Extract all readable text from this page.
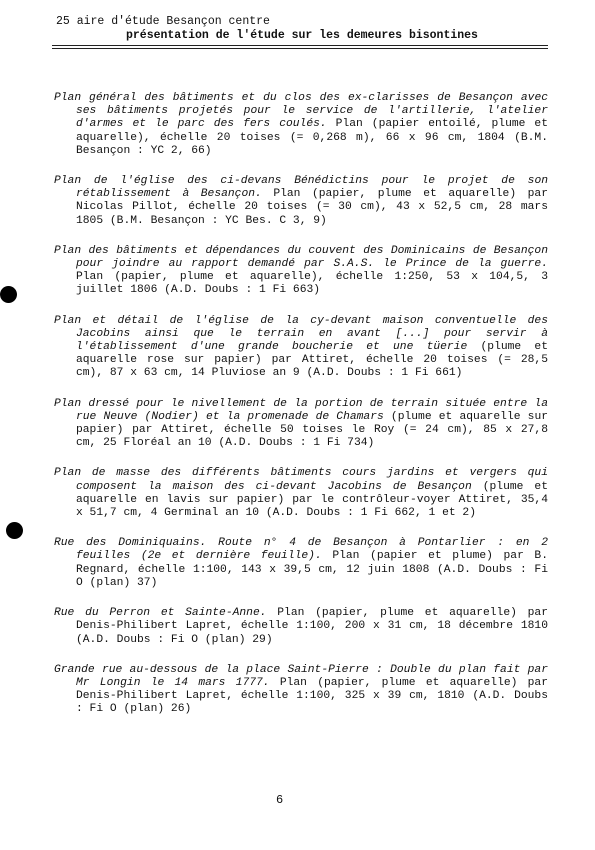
25 aire d'étude Besançon centre
présentation de l'étude sur les demeures bisontines

Plan général des bâtiments et du clos des ex-clarisses de Besançon avec ses bâtiments projetés pour le service de l'artillerie, l'atelier d'armes et le parc des fers coulés. Plan (papier entoilé, plume et aquarelle), échelle 20 toises (= 0,268 m), 66 x 96 cm, 1804 (B.M. Besançon : YC 2, 66)

Plan de l'église des ci-devans Bénédictins pour le projet de son rétablissement à Besançon. Plan (papier, plume et aquarelle) par Nicolas Pillot, échelle 20 toises (= 30 cm), 43 x 52,5 cm, 28 mars 1805 (B.M. Besançon : YC Bes. C 3, 9)

Plan des bâtiments et dépendances du couvent des Dominicains de Besançon pour joindre au rapport demandé par S.A.S. le Prince de la guerre. Plan (papier, plume et aquarelle), échelle 1:250, 53 x 104,5, 3 juillet 1806 (A.D. Doubs : 1 Fi 663)

Plan et détail de l'église de la cy-devant maison conventuelle des Jacobins ainsi que le terrain en avant [...] pour servir à l'établissement d'une grande boucherie et une tüerie (plume et aquarelle rose sur papier) par Attiret, échelle 20 toises (= 28,5 cm), 87 x 63 cm, 14 Pluviose an 9 (A.D. Doubs : 1 Fi 661)

Plan dressé pour le nivellement de la portion de terrain située entre la rue Neuve (Nodier) et la promenade de Chamars (plume et aquarelle sur papier) par Attiret, échelle 50 toises le Roy (= 24 cm), 85 x 27,8 cm, 25 Floréal an 10 (A.D. Doubs : 1 Fi 734)

Plan de masse des différents bâtiments cours jardins et vergers qui composent la maison des ci-devant Jacobins de Besançon (plume et aquarelle en lavis sur papier) par le contrôleur-voyer Attiret, 35,4 x 51,7 cm, 4 Germinal an 10 (A.D. Doubs : 1 Fi 662, 1 et 2)

Rue des Dominiquains. Route n° 4 de Besançon à Pontarlier : en 2 feuilles (2e et dernière feuille). Plan (papier et plume) par B. Regnard, échelle 1:100, 143 x 39,5 cm, 12 juin 1808 (A.D. Doubs : Fi O (plan) 37)

Rue du Perron et Sainte-Anne. Plan (papier, plume et aquarelle) par Denis-Philibert Lapret, échelle 1:100, 200 x 31 cm, 18 décembre 1810 (A.D. Doubs : Fi O (plan) 29)

Grande rue au-dessous de la place Saint-Pierre : Double du plan fait par Mr Longin le 14 mars 1777. Plan (papier, plume et aquarelle) par Denis-Philibert Lapret, échelle 1:100, 325 x 39 cm, 1810 (A.D. Doubs : Fi O (plan) 26)

6
